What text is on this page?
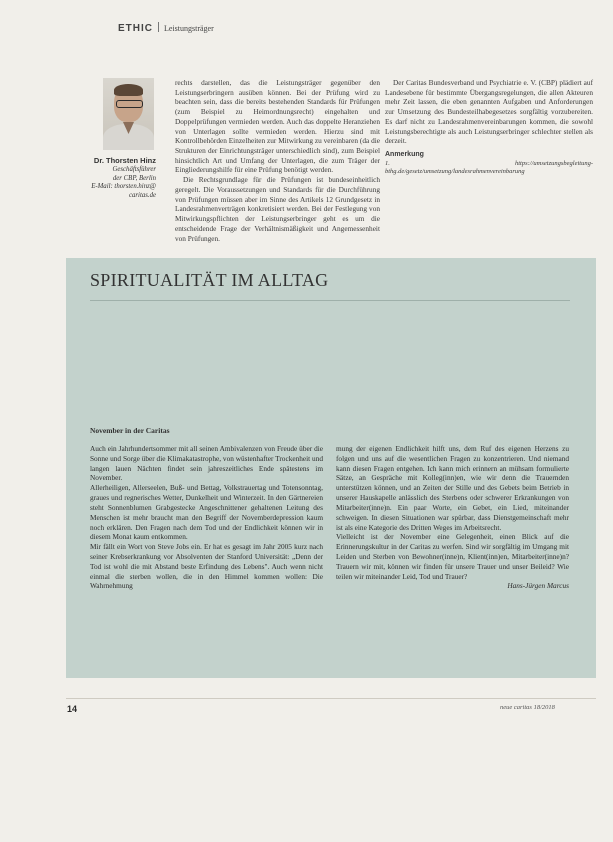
ETHIC Leistungsträger
Dr. Thorsten Hinz
Geschäftsführer
der CBP, Berlin
E-Mail: thorsten.hinz@
caritas.de

rechts darstellen, das die Leistungsträger gegenüber den Leistungserbringern ausüben können. Bei der Prüfung wird zu beachten sein, dass die bereits bestehenden Standards für Prüfungen (zum Beispiel zu Heimordnungsrecht) eingehalten und Doppelprüfungen vermieden werden. Auch das doppelte Heranziehen von Unterlagen sollte vermieden werden. Hierzu sind mit Kontrollbehörden Einzelheiten zur Mitwirkung zu vereinbaren (da die Strukturen der Einrichtungsträger unterschiedlich sind), zum Beispiel hinsichtlich Art und Umfang der Unterlagen, die zum Träger der Eingliederungshilfe für eine Prüfung benötigt werden.

Die Rechtsgrundlage für die Prüfungen ist bundeseinheitlich geregelt. Die Voraussetzungen und Standards für die Durchführung von Prüfungen müssen aber im Sinne des Artikels 12 Grundgesetz in Landesrahmenverträgen konkretisiert werden. Bei der Festlegung von Mitwirkungspflichten der Leistungserbringer geht es um die entscheidende Frage der Verhältnismäßigkeit und Angemessenheit von Prüfungen.

Der Caritas Bundesverband und Psychiatrie e. V. (CBP) plädiert auf Landesebene für bestimmte Übergangsregelungen, die allen Akteuren mehr Zeit lassen, die eben genannten Aufgaben und Anforderungen zur Umsetzung des Bundesteilhabegesetzes sorgfältig vorzubereiten. Es darf nicht zu Landesrahmenvereinbarungen kommen, die sowohl Leistungsberechtigte als auch Leistungserbringer schlechter stellen als derzeit.

Anmerkung

1. https://umsetzungsbegleitung-bthg.de/gesetz/umsetzung/landesrahmenvereinbarung

SPIRITUALITÄT IM ALLTAG
November in der Caritas

Auch ein Jahrhundertsommer mit all seinen Ambivalenzen von Freude über die Sonne und Sorge über die Klimakatastrophe, von wüstenhafter Trockenheit und langen lauen Nächten findet sein jahreszeitliches Ende spätestens im November.

Allerheiligen, Allerseelen, Buß- und Bettag, Volkstrauertag und Totensonntag, graues und regnerisches Wetter, Dunkelheit und Winterzeit. In den Gärtnereien steht Sonnenblumen Grabgestecke Angeschnittener gehaltenen Leitung des Menschen ist mehr braucht man den Begriff der Novemberdepression kaum noch erklären. Den Fragen nach dem Tod und der Endlichkeit können wir in diesem Monat kaum entkommen.

Mir fällt ein Wort von Steve Jobs ein. Er hat es gesagt im Jahr 2005 kurz nach seiner Krebserkrankung vor Absolventen der Stanford Universität: „Denn der Tod ist wohl die mit Abstand beste Erfindung des Lebens". Auch wenn nicht einmal die sterben wollen, die in den Himmel kommen wollen: Die Wahrnehmung

mung der eigenen Endlichkeit hilft uns, dem Ruf des eigenen Herzens zu folgen und uns auf die wesentlichen Fragen zu konzentrieren. Und niemand kann diesen Fragen entgehen. Ich kann mich erinnern an mühsam formulierte Sätze, an Gespräche mit Kolleg(inn)en, wie wir denn die Trauernden unterstützen können, und an Zeiten der Stille und des Gebets beim Betrieb in unserer Hauskapelle anlässlich des Sterbens oder schwerer Erkrankungen von Mitarbeiter(inne)n. Ein paar Worte, ein Gebet, ein Lied, miteinander schweigen. In diesen Situationen war spürbar, dass Dienstgemeinschaft mehr ist als eine Kategorie des Dritten Weges im Arbeitsrecht.

Vielleicht ist der November eine Gelegenheit, einen Blick auf die Erinnerungskultur in der Caritas zu werfen. Sind wir sorgfältig im Umgang mit Leiden und Sterben von Bewohner(inne)n, Klient(inn)en, Mitarbeiter(inne)n? Trauern wir mit, können wir finden für unsere Trauer und unser Beileid? Wie teilen wir miteinander Leid, Tod und Trauer?

Hans-Jürgen Marcus

14	neue caritas 18/2018
